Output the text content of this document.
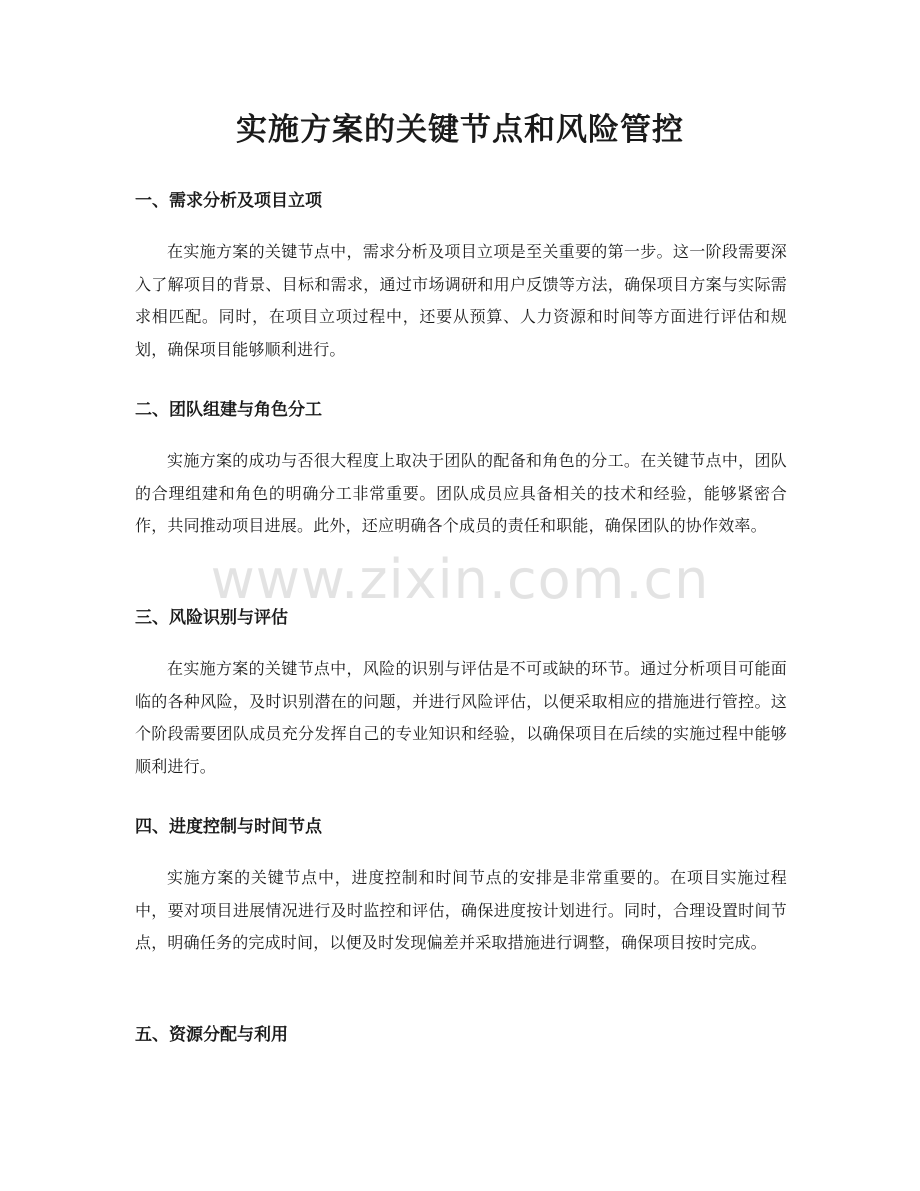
实施方案的关键节点和风险管控
一、需求分析及项目立项

在实施方案的关键节点中，需求分析及项目立项是至关重要的第一步。这一阶段需要深入了解项目的背景、目标和需求，通过市场调研和用户反馈等方法，确保项目方案与实际需求相匹配。同时，在项目立项过程中，还要从预算、人力资源和时间等方面进行评估和规划，确保项目能够顺利进行。

二、团队组建与角色分工

实施方案的成功与否很大程度上取决于团队的配备和角色的分工。在关键节点中，团队的合理组建和角色的明确分工非常重要。团队成员应具备相关的技术和经验，能够紧密合作，共同推动项目进展。此外，还应明确各个成员的责任和职能，确保团队的协作效率。

三、风险识别与评估

在实施方案的关键节点中，风险的识别与评估是不可或缺的环节。通过分析项目可能面临的各种风险，及时识别潜在的问题，并进行风险评估，以便采取相应的措施进行管控。这个阶段需要团队成员充分发挥自己的专业知识和经验，以确保项目在后续的实施过程中能够顺利进行。

四、进度控制与时间节点

实施方案的关键节点中，进度控制和时间节点的安排是非常重要的。在项目实施过程中，要对项目进展情况进行及时监控和评估，确保进度按计划进行。同时，合理设置时间节点，明确任务的完成时间，以便及时发现偏差并采取措施进行调整，确保项目按时完成。

五、资源分配与利用
www.zixin.com.cn
